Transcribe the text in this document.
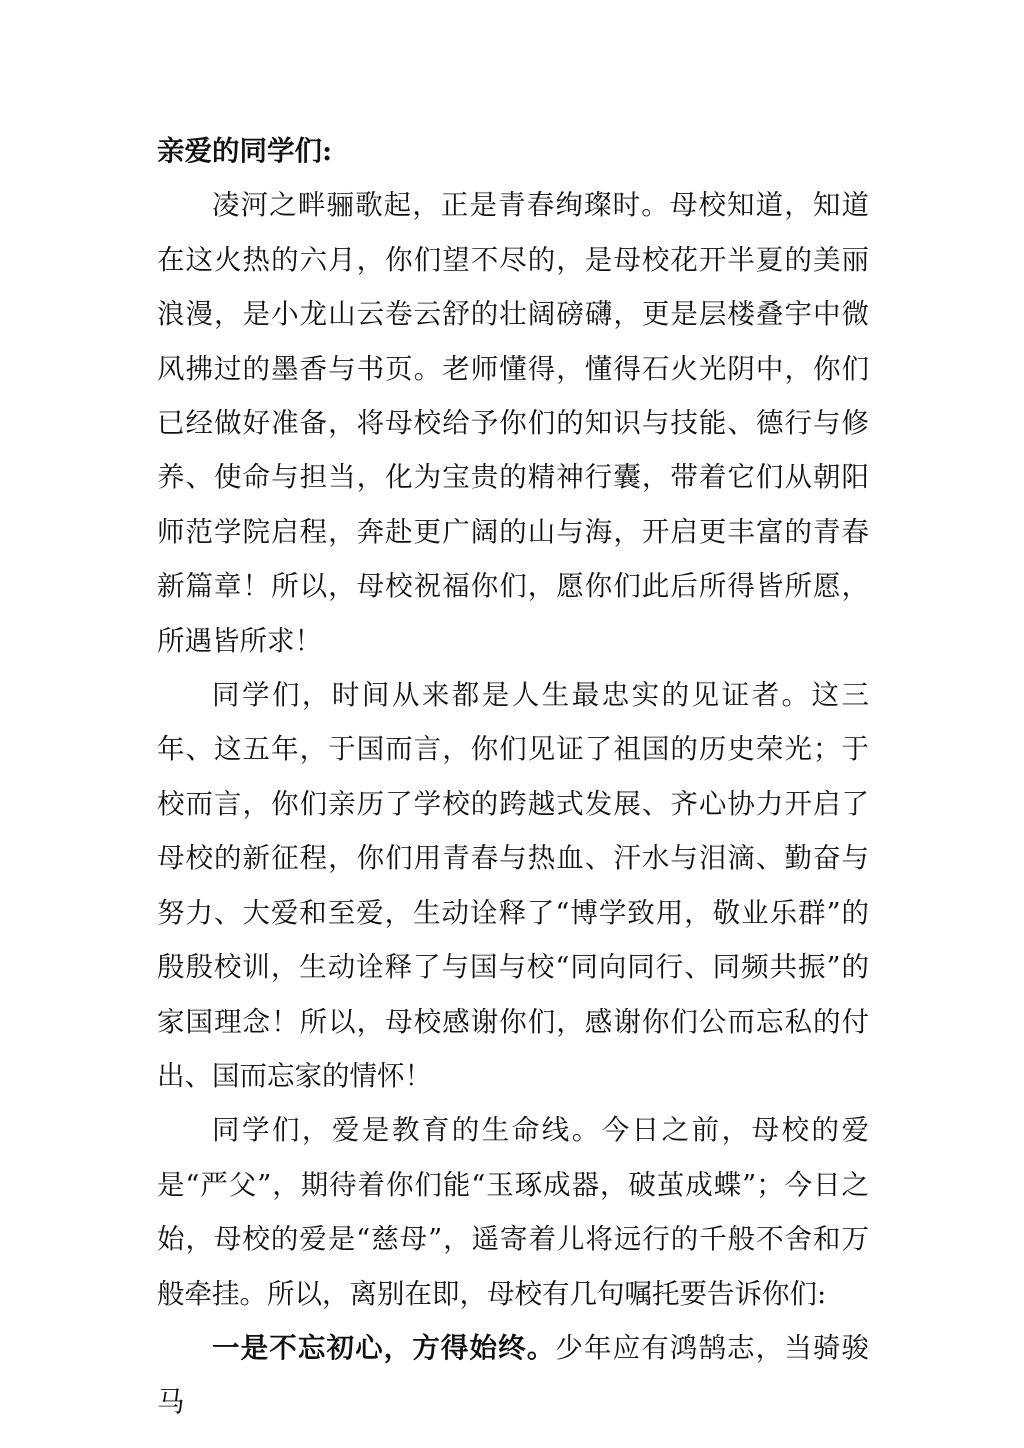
亲爱的同学们:

凌河之畔骊歌起，正是青春绚璨时。母校知道，知道在这火热的六月，你们望不尽的，是母校花开半夏的美丽浪漫，是小龙山云卷云舒的壮阔磅礴，更是层楼叠宇中微风拂过的墨香与书页。老师懂得，懂得石火光阴中，你们已经做好准备，将母校给予你们的知识与技能、德行与修养、使命与担当，化为宝贵的精神行囊，带着它们从朝阳师范学院启程，奔赴更广阔的山与海，开启更丰富的青春新篇章！所以，母校祝福你们，愿你们此后所得皆所愿，所遇皆所求！

同学们，时间从来都是人生最忠实的见证者。这三年、这五年，于国而言，你们见证了祖国的历史荣光；于校而言，你们亲历了学校的跨越式发展、齐心协力开启了母校的新征程，你们用青春与热血、汗水与泪滴、勤奋与努力、大爱和至爱，生动诠释了“博学致用，敬业乐群”的殷殷校训，生动诠释了与国与校“同向同行、同频共振”的家国理念！所以，母校感谢你们，感谢你们公而忘私的付出、国而忘家的情怀！

同学们，爱是教育的生命线。今日之前，母校的爱是“严父”，期待着你们能“玉琢成器，破茧成蝶”；今日之始，母校的爱是“慈母”，遥寄着儿将远行的千般不舍和万般牵挂。所以，离别在即，母校有几句嘱托要告诉你们:

一是不忘初心，方得始终。少年应有鸿鹄志，当骑骏马
